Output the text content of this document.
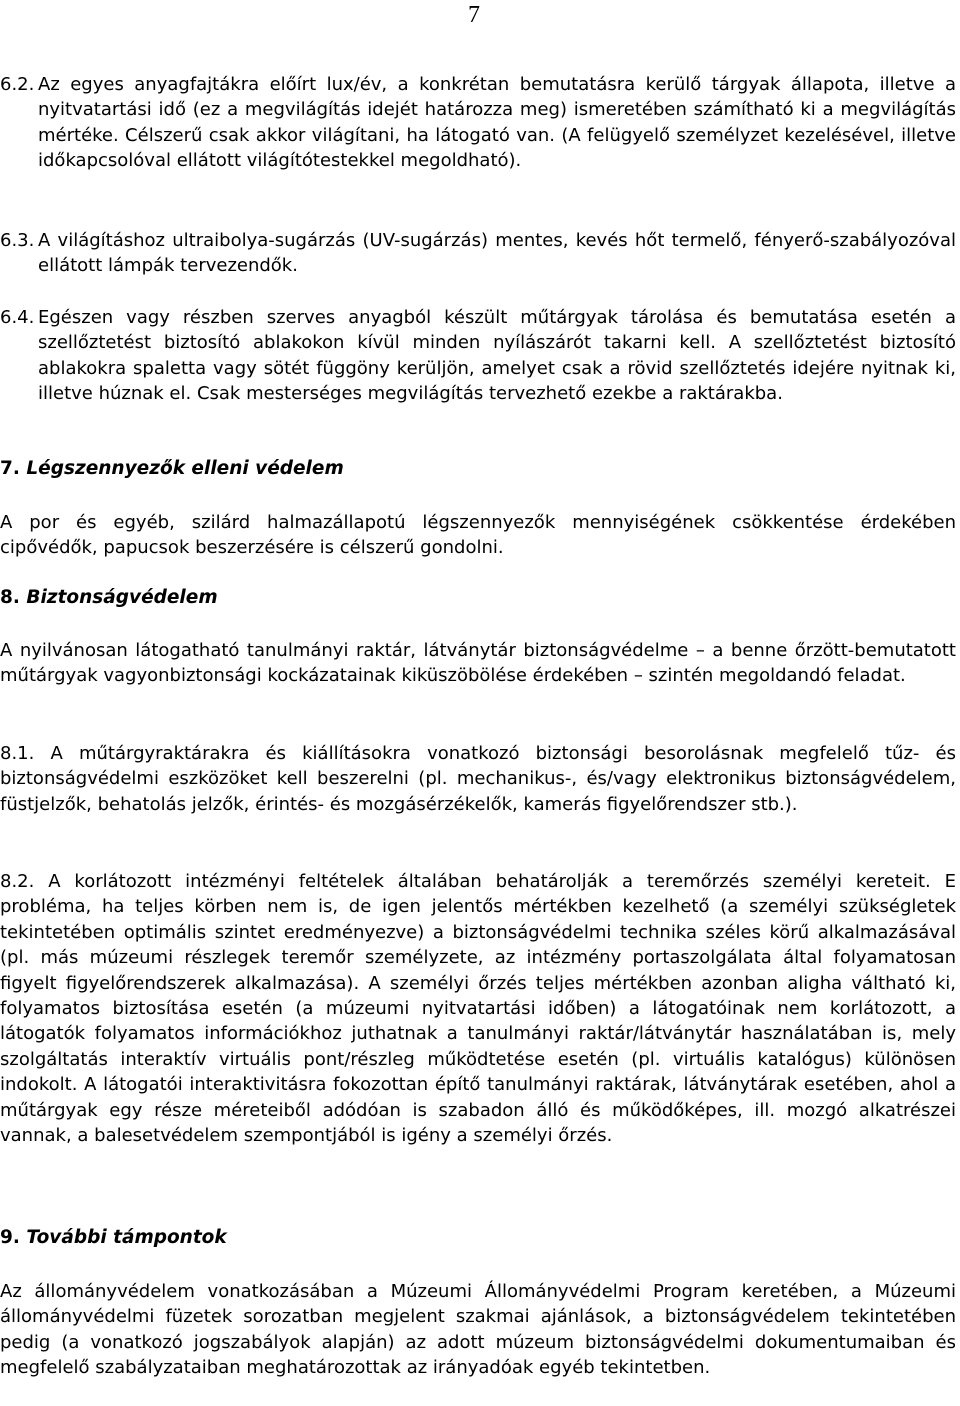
7
6.2. Az egyes anyagfajtákra előírt lux/év, a konkrétan bemutatásra kerülő tárgyak állapota, illetve a nyitvatartási idő (ez a megvilágítás idejét határozza meg) ismeretében számítható ki a megvilágítás mértéke. Célszerű csak akkor világítani, ha látogató van. (A felügyelő személyzet kezelésével, illetve időkapcsolóval ellátott világítótestekkel megoldható).
6.3. A világításhoz ultraibolya-sugárzás (UV-sugárzás) mentes, kevés hőt termelő, fényerő-szabályozóval ellátott lámpák tervezendők.
6.4. Egészen vagy részben szerves anyagból készült műtárgyak tárolása és bemutatása esetén a szellőztetést biztosító ablakokon kívül minden nyílászárót takarni kell. A szellőztetést biztosító ablakokra spaletta vagy sötét függöny kerüljön, amelyet csak a rövid szellőztetés idejére nyitnak ki, illetve húznak el. Csak mesterséges megvilágítás tervezhető ezekbe a raktárakba.
7. Légszennyezők elleni védelem
A por és egyéb, szilárd halmazállapotú légszennyezők mennyiségének csökkentése érdekében cipővédők, papucsok beszerzésére is célszerű gondolni.
8. Biztonságvédelem
A nyilvánosan látogatható tanulmányi raktár, látványtár biztonságvédelme – a benne őrzött-bemutatott műtárgyak vagyonbiztonsági kockázatainak kiküszöbölése érdekében – szintén megoldandó feladat.
8.1. A műtárgyraktárakra és kiállításokra vonatkozó biztonsági besorolásnak megfelelő tűz- és biztonságvédelmi eszközöket kell beszerelni (pl. mechanikus-, és/vagy elektronikus biztonságvédelem, füstjelzők, behatolás jelzők, érintés- és mozgásérzékelők, kamerás figyelőrendszer stb.).
8.2. A korlátozott intézményi feltételek általában behatárolják a teremőrzés személyi kereteit. E probléma, ha teljes körben nem is, de igen jelentős mértékben kezelhető (a személyi szükségletek tekintetében optimális szintet eredményezve) a biztonságvédelmi technika széles körű alkalmazásával (pl. más múzeumi részlegek teremőr személyzete, az intézmény portaszolgálata által folyamatosan figyelt figyelőrendszerek alkalmazása). A személyi őrzés teljes mértékben azonban aligha váltható ki, folyamatos biztosítása esetén (a múzeumi nyitvatartási időben) a látogatóinak nem korlátozott, a látogatók folyamatos információkhoz juthatnak a tanulmányi raktár/látványtár használatában is, mely szolgáltatás interaktív virtuális pont/részleg működtetése esetén (pl. virtuális katalógus) különösen indokolt. A látogatói interaktivitásra fokozottan építő tanulmányi raktárak, látványtárak esetében, ahol a műtárgyak egy része méreteiből adódóan is szabadon álló és működőképes, ill. mozgó alkatrészei vannak, a balesetvédelem szempontjából is igény a személyi őrzés.
9. További támpontok
Az állományvédelem vonatkozásában a Múzeumi Állományvédelmi Program keretében, a Múzeumi állományvédelmi füzetek sorozatban megjelent szakmai ajánlások, a biztonságvédelem tekintetében pedig (a vonatkozó jogszabályok alapján) az adott múzeum biztonságvédelmi dokumentumaiban és megfelelő szabályzataiban meghatározottak az irányadóak egyéb tekintetben.
